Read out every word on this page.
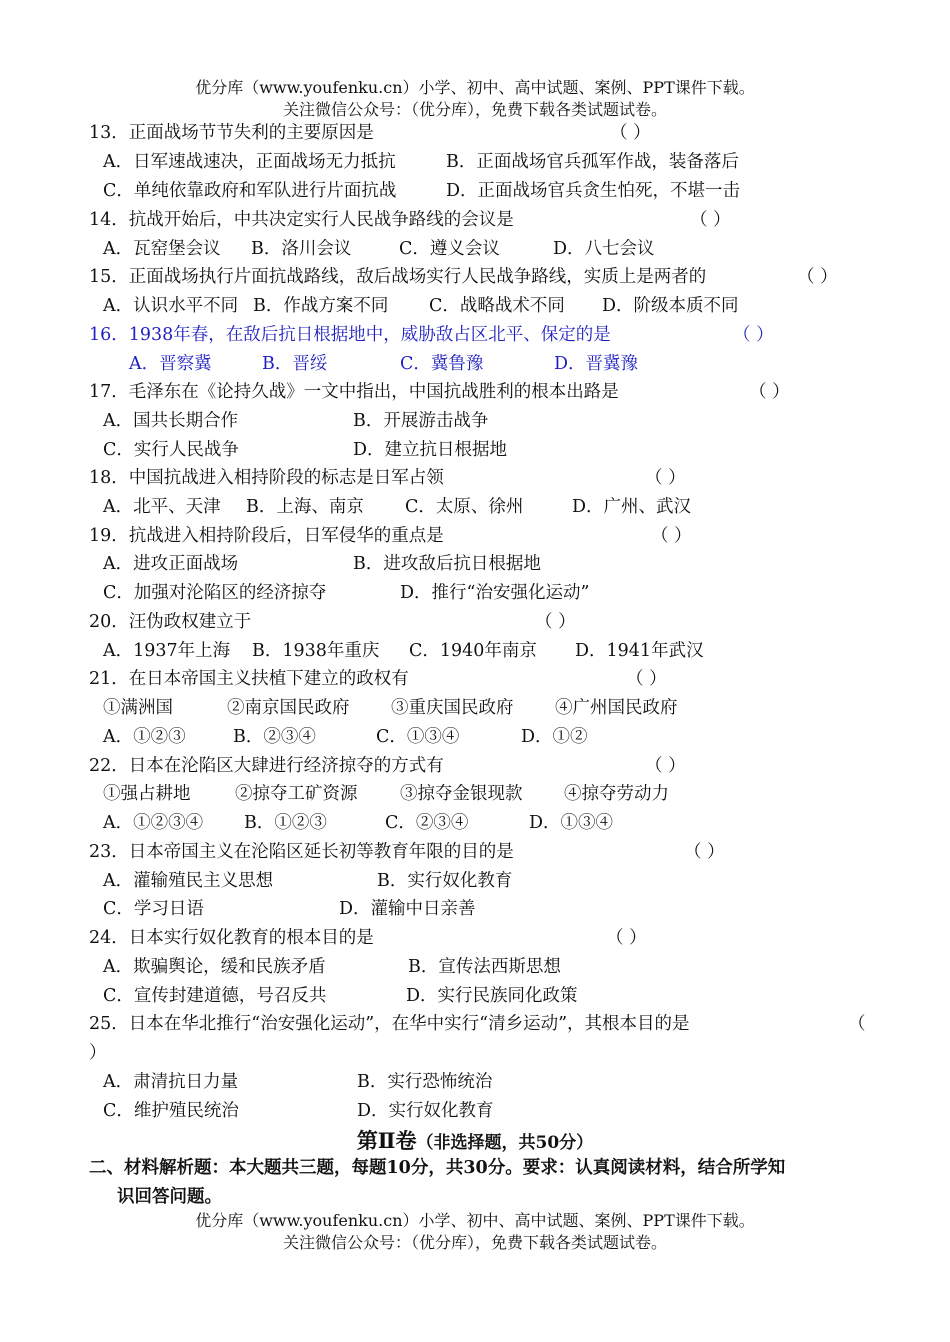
优分库（www.youfenku.cn）小学、初中、高中试题、案例、PPT课件下载。
关注微信公众号：（优分库），免费下载各类试题试卷。
13．正面战场节节失利的主要原因是	（ ）
A．日军速战速决，正面战场无力抵抗	B．正面战场官兵孤军作战，装备落后
C．单纯依靠政府和军队进行片面抗战	D．正面战场官兵贪生怕死，不堪一击
14．抗战开始后，中共决定实行人民战争路线的会议是	（ ）
A．瓦窑堡会议 B．洛川会议	C．遵义会议	D．八七会议
15．正面战场执行片面抗战路线，敌后战场实行人民战争路线，实质上是两者的	（ ）
A．认识水平不同 B．作战方案不同 C．战略战术不同 D．阶级本质不同
16．1938年春，在敌后抗日根据地中，威胁敌占区北平、保定的是	（ ）
A．晋察冀	B．晋绥	C．冀鲁豫	D．晋冀豫
17．毛泽东在《论持久战》一文中指出，中国抗战胜利的根本出路是	（ ）
A．国共长期合作	B．开展游击战争
C．实行人民战争	D．建立抗日根据地
18．中国抗战进入相持阶段的标志是日军占领	（ ）
A．北平、天津 B．上海、南京 C．太原、徐州	D．广州、武汉
19．抗战进入相持阶段后，日军侵华的重点是	（ ）
A．进攻正面战场	B．进攻敌后抗日根据地
C．加强对沦陷区的经济掠夺	D．推行“治安强化运动”
20．汪伪政权建立于	（ ）
A．1937年上海 B．1938年重庆 C．1940年南京 D．1941年武汉
21．在日本帝国主义扶植下建立的政权有	（ ）
①满洲国	②南京国民政府 ③重庆国民政府 ④广州国民政府
A．①②③	B．②③④	C．①③④	D．①②
22．日本在沦陷区大肆进行经济掠夺的方式有	（ ）
①强占耕地	②掠夺工矿资源 ③掠夺金银现款 ④掠夺劳动力
A．①②③④ B．①②③	C．②③④	D．①③④
23．日本帝国主义在沦陷区延长初等教育年限的目的是	（ ）
A．灌输殖民主义思想	B．实行奴化教育
C．学习日语	D．灌输中日亲善
24．日本实行奴化教育的根本目的是	（ ）
A．欺骗舆论，缓和民族矛盾	B．宣传法西斯思想
C．宣传封建道德，号召反共	D．实行民族同化政策
25．日本在华北推行“治安强化运动”，在华中实行“清乡运动”，其根本目的是	（
）
A．肃清抗日力量	B．实行恐怖统治
C．维护殖民统治	D．实行奴化教育
第Ⅱ卷（非选择题，共50分）
二、材料解析题：本大题共三题，每题10分，共30分。要求：认真阅读材料，结合所学知
识回答问题。
优分库（www.youfenku.cn）小学、初中、高中试题、案例、PPT课件下载。
关注微信公众号：（优分库），免费下载各类试题试卷。
